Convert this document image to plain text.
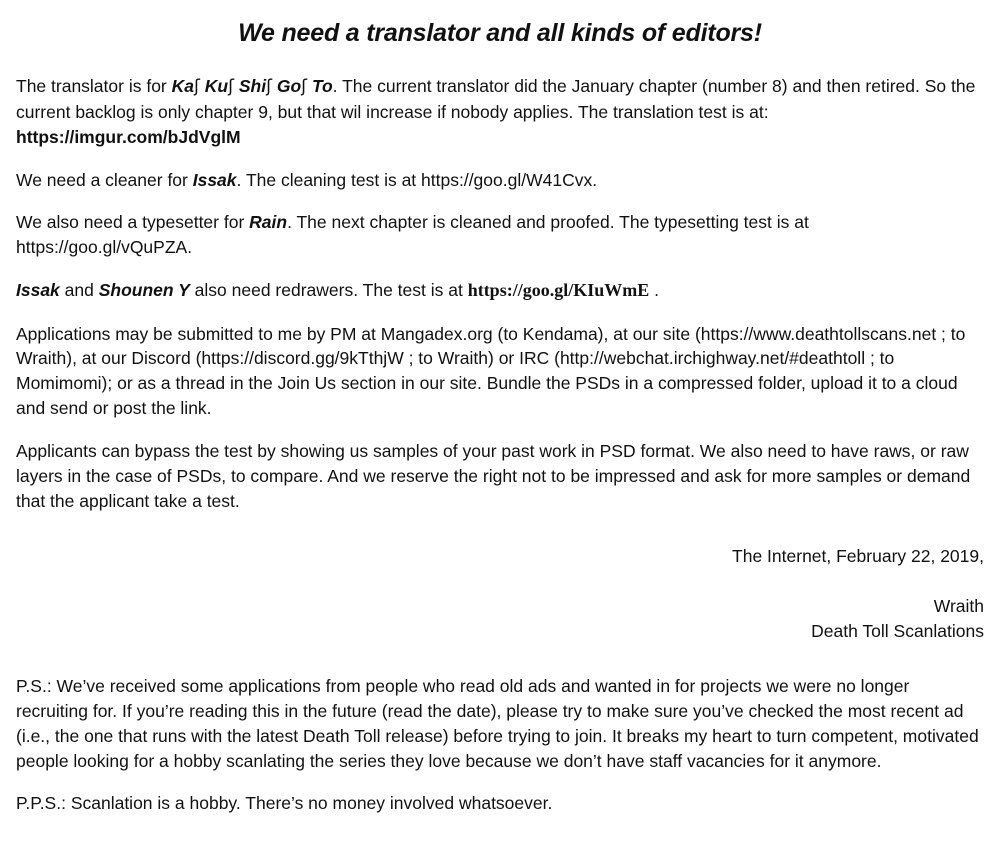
We need a translator and all kinds of editors!

The translator is for Kaʃ Kuʃ Shiʃ Goʃ To. The current translator did the January chapter (number 8) and then retired. So the current backlog is only chapter 9, but that wil increase if nobody applies. The translation test is at:
https://imgur.com/bJdVglM

We need a cleaner for Issak. The cleaning test is at https://goo.gl/W41Cvx.

We also need a typesetter for Rain. The next chapter is cleaned and proofed. The typesetting test is at https://goo.gl/vQuPZA.

Issak and Shounen Y also need redrawers. The test is at https://goo.gl/KIuWmE .

Applications may be submitted to me by PM at Mangadex.org (to Kendama), at our site (https://www.deathtollscans.net ; to Wraith), at our Discord (https://discord.gg/9kTthjW ; to Wraith) or IRC (http://webchat.irchighway.net/#deathtoll ; to Momimomi); or as a thread in the Join Us section in our site. Bundle the PSDs in a compressed folder, upload it to a cloud and send or post the link.

Applicants can bypass the test by showing us samples of your past work in PSD format. We also need to have raws, or raw layers in the case of PSDs, to compare. And we reserve the right not to be impressed and ask for more samples or demand that the applicant take a test.

The Internet, February 22, 2019,
Wraith
Death Toll Scanlations

P.S.: We’ve received some applications from people who read old ads and wanted in for projects we were no longer recruiting for. If you’re reading this in the future (read the date), please try to make sure you’ve checked the most recent ad (i.e., the one that runs with the latest Death Toll release) before trying to join. It breaks my heart to turn competent, motivated people looking for a hobby scanlating the series they love because we don’t have staff vacancies for it anymore.

P.P.S.: Scanlation is a hobby. There’s no money involved whatsoever.
